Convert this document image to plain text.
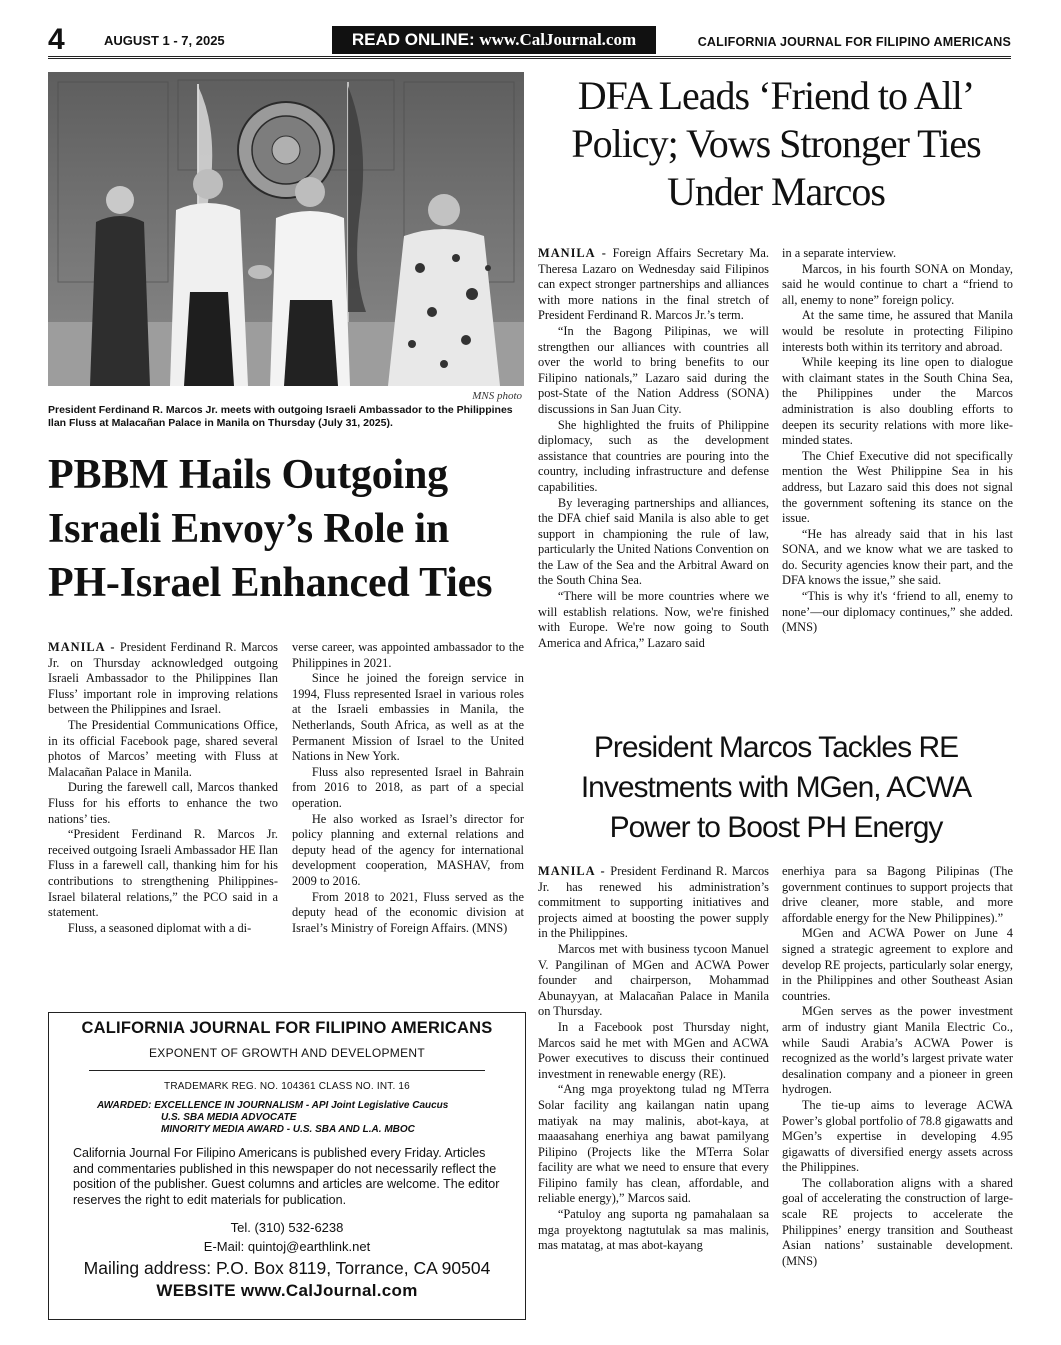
4	AUGUST 1 - 7, 2025	READ ONLINE: www.CalJournal.com	CALIFORNIA JOURNAL FOR FILIPINO AMERICANS
MNS photo
President Ferdinand R. Marcos Jr. meets with outgoing Israeli Ambassador to the Philippines Ilan Fluss at Malacañan Palace in Manila on Thursday (July 31, 2025).
PBBM Hails Outgoing Israeli Envoy’s Role in PH-Israel Enhanced Ties

MANILA - President Ferdinand R. Marcos Jr. on Thursday acknowledged outgoing Israeli Ambassador to the Philippines Ilan Fluss’ important role in improving relations between the Philippines and Israel.

The Presidential Communications Office, in its official Facebook page, shared several photos of Marcos’ meeting with Fluss at Malacañan Palace in Manila.

During the farewell call, Marcos thanked Fluss for his efforts to enhance the two nations’ ties.

“President Ferdinand R. Marcos Jr. received outgoing Israeli Ambassador HE Ilan Fluss in a farewell call, thanking him for his contributions to strengthening Philippines-Israel bilateral relations,” the PCO said in a statement.

Fluss, a seasoned diplomat with a di-

verse career, was appointed ambassador to the Philippines in 2021.

Since he joined the foreign service in 1994, Fluss represented Israel in various roles at the Israeli embassies in Manila, the Netherlands, South Africa, as well as at the Permanent Mission of Israel to the United Nations in New York.

Fluss also represented Israel in Bahrain from 2016 to 2018, as part of a special operation.

He also worked as Israel’s director for policy planning and external relations and deputy head of the agency for international development cooperation, MASHAV, from 2009 to 2016.

From 2018 to 2021, Fluss served as the deputy head of the economic division at Israel’s Ministry of Foreign Affairs. (MNS)

DFA Leads ‘Friend to All’ Policy; Vows Stronger Ties Under Marcos

MANILA - Foreign Affairs Secretary Ma. Theresa Lazaro on Wednesday said Filipinos can expect stronger partnerships and alliances with more nations in the final stretch of President Ferdinand R. Marcos Jr.’s term.

“In the Bagong Pilipinas, we will strengthen our alliances with countries all over the world to bring benefits to our Filipino nationals,” Lazaro said during the post-State of the Nation Address (SONA) discussions in San Juan City.

She highlighted the fruits of Philippine diplomacy, such as the development assistance that countries are pouring into the country, including infrastructure and defense capabilities.

By leveraging partnerships and alliances, the DFA chief said Manila is also able to get support in championing the rule of law, particularly the United Nations Convention on the Law of the Sea and the Arbitral Award on the South China Sea.

“There will be more countries where we will establish relations. Now, we're finished with Europe. We're now going to South America and Africa,” Lazaro said

in a separate interview.

Marcos, in his fourth SONA on Monday, said he would continue to chart a “friend to all, enemy to none” foreign policy.

At the same time, he assured that Manila would be resolute in protecting Filipino interests both within its territory and abroad.

While keeping its line open to dialogue with claimant states in the South China Sea, the Philippines under the Marcos administration is also doubling efforts to deepen its security relations with more like-minded states.

The Chief Executive did not specifically mention the West Philippine Sea in his address, but Lazaro said this does not signal the government softening its stance on the issue.

“He has already said that in his last SONA, and we know what we are tasked to do. Security agencies know their part, and the DFA knows the issue,” she said.

“This is why it's ‘friend to all, enemy to none’—our diplomacy continues,” she added. (MNS)

President Marcos Tackles RE Investments with MGen, ACWA Power to Boost PH Energy

MANILA - President Ferdinand R. Marcos Jr. has renewed his administration’s commitment to supporting initiatives and projects aimed at boosting the power supply in the Philippines.

Marcos met with business tycoon Manuel V. Pangilinan of MGen and ACWA Power founder and chairperson, Mohammad Abunayyan, at Malacañan Palace in Manila on Thursday.

In a Facebook post Thursday night, Marcos said he met with MGen and ACWA Power executives to discuss their continued investment in renewable energy (RE).

“Ang mga proyektong tulad ng MTerra Solar facility ang kailangan natin upang matiyak na may malinis, abot-kaya, at maaasahang enerhiya ang bawat pamilyang Pilipino (Projects like the MTerra Solar facility are what we need to ensure that every Filipino family has clean, affordable, and reliable energy),” Marcos said.

“Patuloy ang suporta ng pamahalaan sa mga proyektong nagtutulak sa mas malinis, mas matatag, at mas abot-kayang

enerhiya para sa Bagong Pilipinas (The government continues to support projects that drive cleaner, more stable, and more affordable energy for the New Philippines).”

MGen and ACWA Power on June 4 signed a strategic agreement to explore and develop RE projects, particularly solar energy, in the Philippines and other Southeast Asian countries.

MGen serves as the power investment arm of industry giant Manila Electric Co., while Saudi Arabia’s ACWA Power is recognized as the world’s largest private water desalination company and a pioneer in green hydrogen.

The tie-up aims to leverage ACWA Power’s global portfolio of 78.8 gigawatts and MGen’s expertise in developing 4.95 gigawatts of diversified energy assets across the Philippines.

The collaboration aligns with a shared goal of accelerating the construction of large-scale RE projects to accelerate the Philippines’ energy transition and Southeast Asian nations’ sustainable development. (MNS)

CALIFORNIA JOURNAL FOR FILIPINO AMERICANS
EXPONENT OF GROWTH AND DEVELOPMENT
TRADEMARK REG. NO. 104361 CLASS NO. INT. 16
AWARDED: EXCELLENCE IN JOURNALISM - API Joint Legislative Caucus
U.S. SBA MEDIA ADVOCATE
MINORITY MEDIA AWARD - U.S. SBA AND L.A. MBOC
California Journal For Filipino Americans is published every Friday. Articles and commentaries published in this newspaper do not necessarily reflect the position of the publisher. Guest columns and articles are welcome. The editor reserves the right to edit materials for publication.
Tel. (310) 532-6238
E-Mail: quintoj@earthlink.net
Mailing address: P.O. Box 8119, Torrance, CA 90504
WEBSITE www.CalJournal.com
